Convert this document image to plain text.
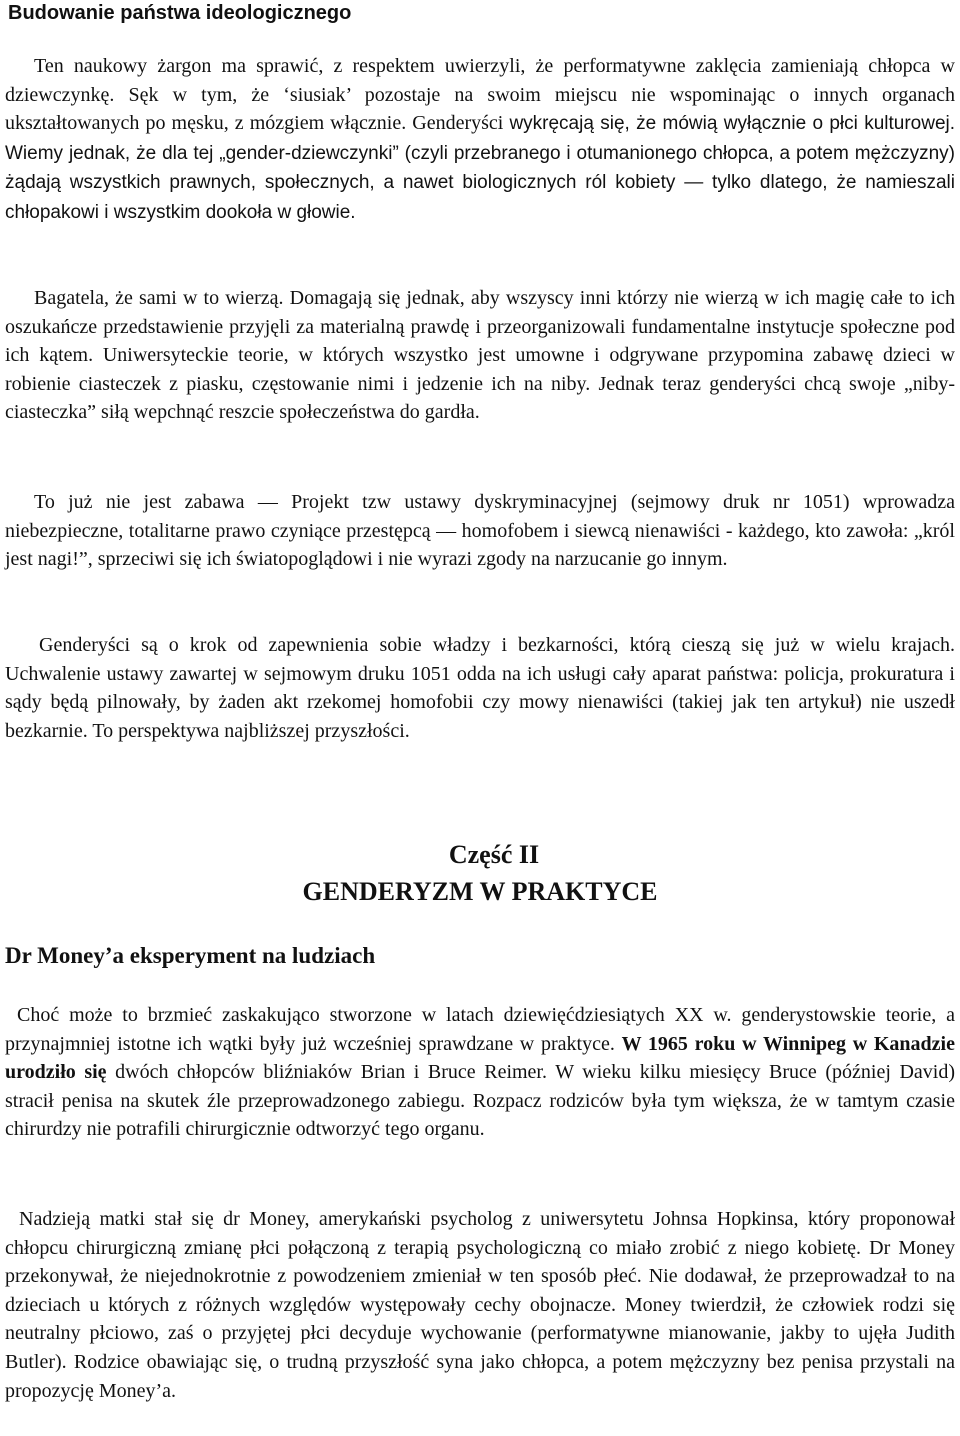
Budowanie państwa ideologicznego

Ten naukowy żargon ma sprawić, z respektem uwierzyli, że performatywne zaklęcia zamieniają chłopca w dziewczynkę. Sęk w tym, że ‘siusiak’ pozostaje na swoim miejscu nie wspominając o innych organach ukształtowanych po męsku, z mózgiem włącznie. Genderyści wykręcają się, że mówią wyłącznie o płci kulturowej. Wiemy jednak, że dla tej „gender-dziewczynki” (czyli przebranego i otumanionego chłopca, a potem mężczyzny) żądają wszystkich prawnych, społecznych, a nawet biologicznych ról kobiety — tylko dlatego, że namieszali chłopakowi i wszystkim dookoła w głowie.

Bagatela, że sami w to wierzą. Domagają się jednak, aby wszyscy inni którzy nie wierzą w ich magię całe to ich oszukańcze przedstawienie przyjęli za materialną prawdę i przeorganizowali fundamentalne instytucje społeczne pod ich kątem. Uniwersyteckie teorie, w których wszystko jest umowne i odgrywane przypomina zabawę dzieci w robienie ciasteczek z piasku, częstowanie nimi i jedzenie ich na niby. Jednak teraz genderyści chcą swoje „niby-ciasteczka” siłą wepchnąć reszcie społeczeństwa do gardła.

To już nie jest zabawa — Projekt tzw ustawy dyskryminacyjnej (sejmowy druk nr 1051) wprowadza niebezpieczne, totalitarne prawo czyniące przestępcą — homofobem i siewcą nienawiści - każdego, kto zawoła: „król jest nagi!”, sprzeciwi się ich światopoglądowi i nie wyrazi zgody na narzucanie go innym.

Genderyści są o krok od zapewnienia sobie władzy i bezkarności, którą cieszą się już w wielu krajach. Uchwalenie ustawy zawartej w sejmowym druku 1051 odda na ich usługi cały aparat państwa: policja, prokuratura i sądy będą pilnowały, by żaden akt rzekomej homofobii czy mowy nienawiści (takiej jak ten artykuł) nie uszedł bezkarnie. To perspektywa najbliższej przyszłości.

Część II
GENDERYZM W PRAKTYCE
Dr Money’a eksperyment na ludziach

Choć może to brzmieć zaskakująco stworzone w latach dziewięćdziesiątych XX w. genderystowskie teorie, a przynajmniej istotne ich wątki były już wcześniej sprawdzane w praktyce. W 1965 roku w Winnipeg w Kanadzie urodziło się dwóch chłopców bliźniaków Brian i Bruce Reimer. W wieku kilku miesięcy Bruce (później David) stracił penisa na skutek źle przeprowadzonego zabiegu. Rozpacz rodziców była tym większa, że w tamtym czasie chirurdzy nie potrafili chirurgicznie odtworzyć tego organu.

Nadzieją matki stał się dr Money, amerykański psycholog z uniwersytetu Johnsa Hopkinsa, który proponował chłopcu chirurgiczną zmianę płci połączoną z terapią psychologiczną co miało zrobić z niego kobietę. Dr Money przekonywał, że niejednokrotnie z powodzeniem zmieniał w ten sposób płeć. Nie dodawał, że przeprowadzał to na dzieciach u których z różnych względów występowały cechy obojnacze. Money twierdził, że człowiek rodzi się neutralny płciowo, zaś o przyjętej płci decyduje wychowanie (performatywne mianowanie, jakby to ujęła Judith Butler). Rodzice obawiając się, o trudną przyszłość syna jako chłopca, a potem mężczyzny bez penisa przystali na propozycję Money’a.
